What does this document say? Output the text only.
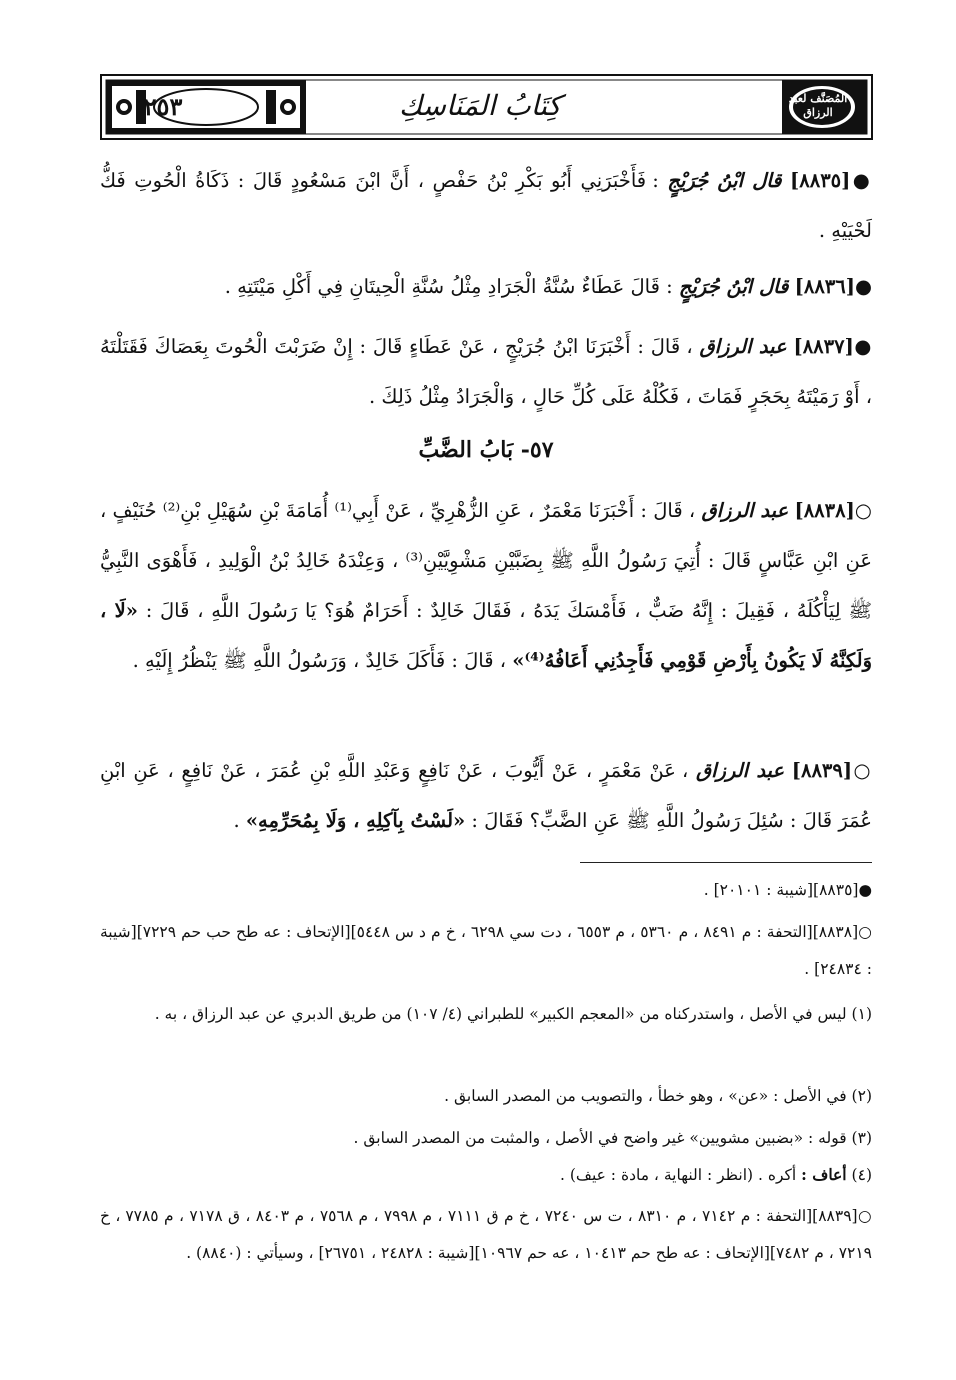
٢٥٣	كِتَابُ المَنَاسِكِ	المُصَنَّف لعبد الرزاق
●[٨٨٣٥] قال ابْنُ جُرَيْجٍ : فَأَخْبَرَنِي أَبُو بَكْرِ بْنُ حَفْصٍ ، أَنَّ ابْنَ مَسْعُودٍ قَالَ : ذَكَاةُ الْحُوتِ فَكُّ لَحْيَيْهِ .
●[٨٨٣٦] قال ابْنُ جُرَيْجٍ : قَالَ عَطَاءٌ سُنَّةُ الْجَرَادِ مِثْلُ سُنَّةِ الْحِيتَانِ فِي أَكْلِ مَيْتَتِهِ .
●[٨٨٣٧] عبد الرزاق ، قَالَ : أَخْبَرَنَا ابْنُ جُرَيْجٍ ، عَنْ عَطَاءٍ قَالَ : إِنْ ضَرَبْتَ الْحُوتَ بِعَصَاكَ فَقَتَلْتَهُ ، أَوْ رَمَيْتَهُ بِحَجَرٍ فَمَاتَ ، فَكُلْهُ عَلَى كُلِّ حَالٍ ، وَالْجَرَادُ مِثْلُ ذَلِكَ .
٥٧- بَابُ الضَّبِّ
○[٨٨٣٨] عبد الرزاق ، قَالَ : أَخْبَرَنَا مَعْمَرٌ ، عَنِ الزُّهْرِيِّ ، عَنْ أَبِي⁽¹⁾ أُمَامَةَ بْنِ سُهَيْلِ بْنِ⁽²⁾ حُنَيْفٍ ، عَنِ ابْنِ عَبَّاسٍ قَالَ : أُتِيَ رَسُولُ اللَّهِ ﷺ بِضَبَّيْنِ مَشْوِيَّيْنِ⁽³⁾ ، وَعِنْدَهُ خَالِدُ بْنُ الْوَلِيدِ ، فَأَهْوَى النَّبِيُّ ﷺ لِيَأْكُلَهُ ، فَقِيلَ : إِنَّهُ ضَبٌّ ، فَأَمْسَكَ يَدَهُ ، فَقَالَ خَالِدٌ : أَحَرَامٌ هُوَ؟ يَا رَسُولَ اللَّهِ ، قَالَ : «لَا ، وَلَكِنَّهُ لَا يَكُونُ بِأَرْضِ قَوْمِي فَأَجِدُنِي أَعَافُهُ⁽⁴⁾» ، قَالَ : فَأَكَلَ خَالِدٌ ، وَرَسُولُ اللَّهِ ﷺ يَنْظُرُ إِلَيْهِ .
○[٨٨٣٩] عبد الرزاق ، عَنْ مَعْمَرٍ ، عَنْ أَيُّوبَ ، عَنْ نَافِعٍ وَعَبْدِ اللَّهِ بْنِ عُمَرَ ، عَنْ نَافِعٍ ، عَنِ ابْنِ عُمَرَ قَالَ : سُئِلَ رَسُولُ اللَّهِ ﷺ عَنِ الضَّبِّ؟ فَقَالَ : «لَسْتُ بِآكِلِهِ ، وَلَا بِمُحَرِّمِهِ» .
●[٨٨٣٥][شيبة : ٢٠١٠١] .
○[٨٨٣٨][التحفة : م ٨٤٩١ ، م ٥٣٦٠ ، م ٦٥٥٣ ، دت سي ٦٢٩٨ ، خ م د س ٥٤٤٨][الإتحاف : عه طح حب حم ٧٢٢٩][شيبة : ٢٤٨٣٤] .
(١) ليس في الأصل ، واستدركناه من «المعجم الكبير» للطبراني (٤/ ١٠٧) من طريق الدبري عن عبد الرزاق ، به .
(٢) في الأصل : «عن» ، وهو خطأ ، والتصويب من المصدر السابق .
(٣) قوله : «بضبين مشويين» غير واضح في الأصل ، والمثبت من المصدر السابق .
(٤) أعاف : أكره . (انظر : النهاية ، مادة : عيف) .
○[٨٨٣٩][التحفة : م ٧١٤٢ ، م ٨٣١٠ ، ت س ٧٢٤٠ ، خ م ق ٧١١١ ، م ٧٩٩٨ ، م ٧٥٦٨ ، م ٨٤٠٣ ، ق ٧١٧٨ ، م ٧٧٨٥ ، خ ٧٢١٩ ، م ٧٤٨٢][الإتحاف : عه طح حم ١٠٤١٣ ، عه حم ١٠٩٦٧][شيبة : ٢٤٨٢٨ ، ٢٦٧٥١] ، وسيأتي : (٨٨٤٠) .
